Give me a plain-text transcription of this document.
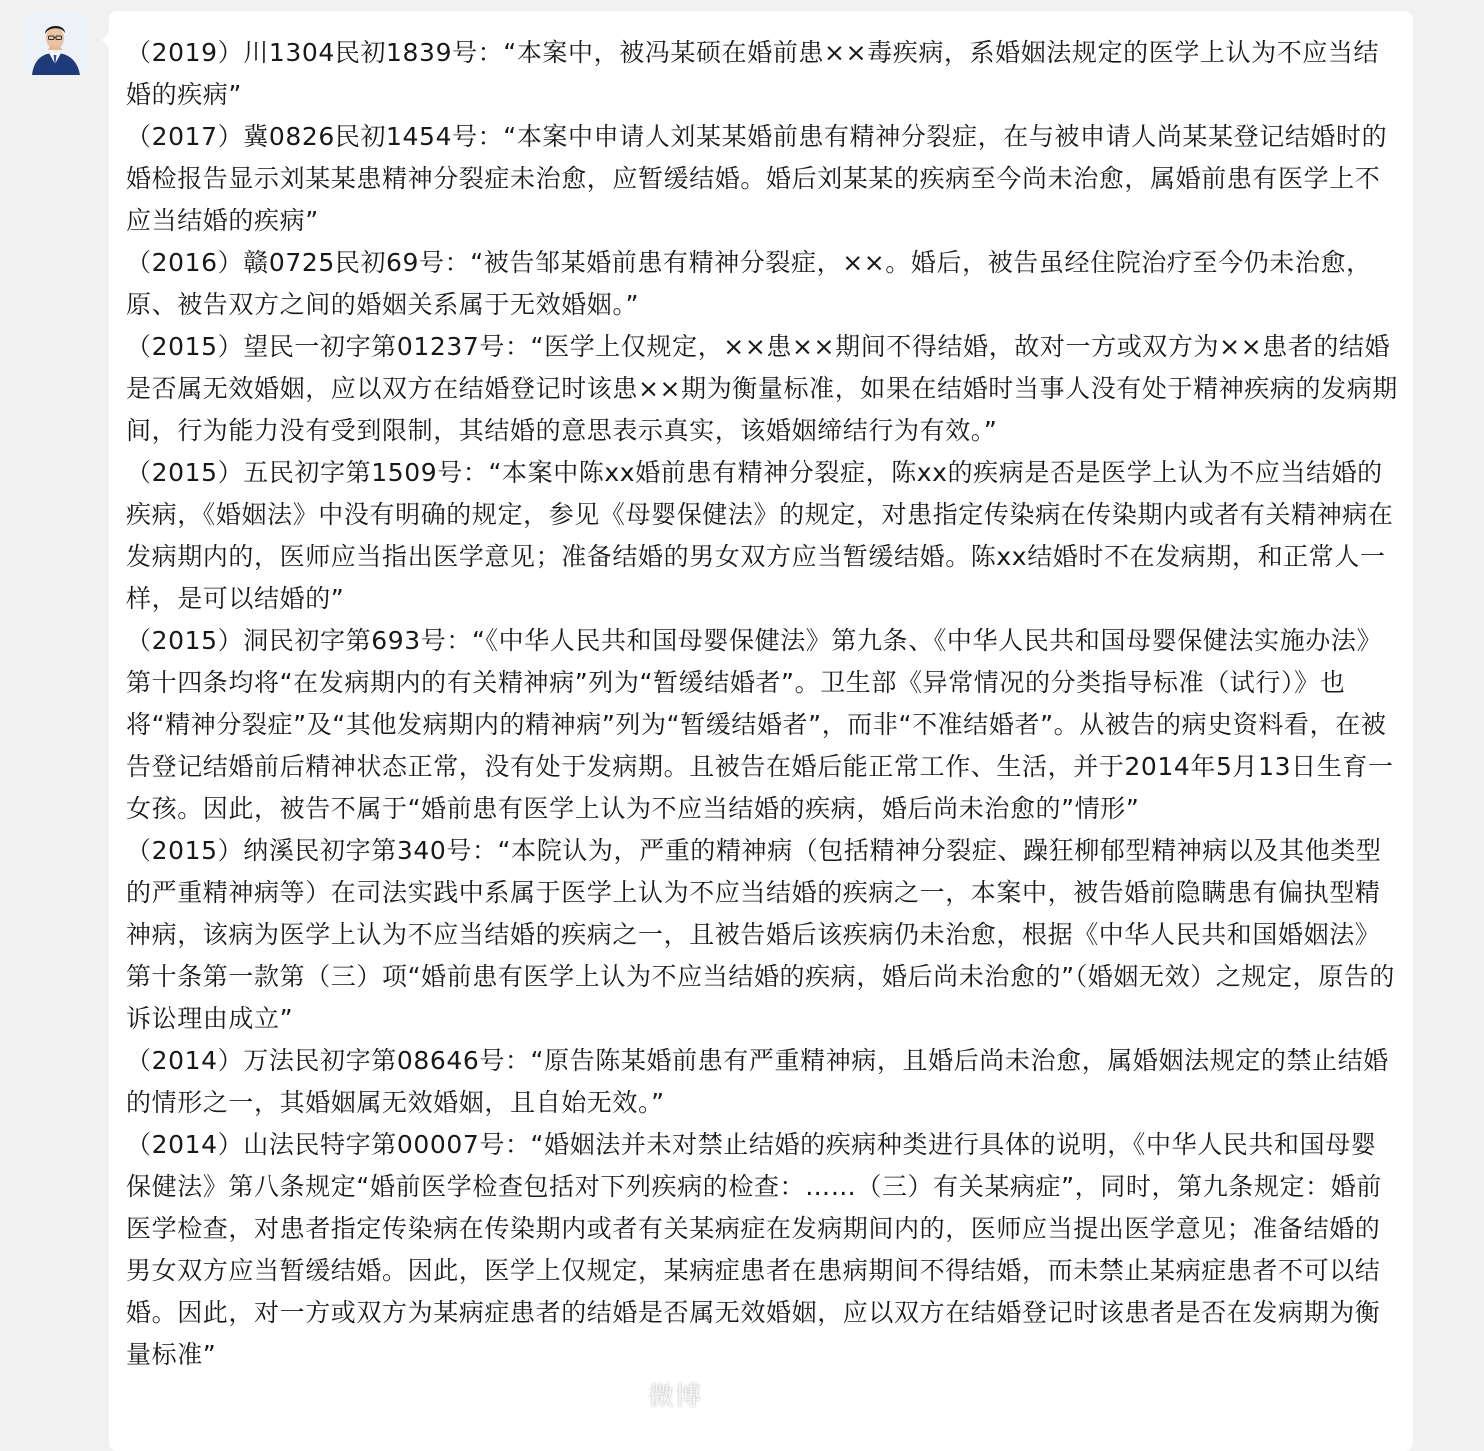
（2019）川1304民初1839号：“本案中，被冯某硕在婚前患××毒疾病，系婚姻法规定的医学上认为不应当结婚的疾病”

（2017）冀0826民初1454号：“本案中申请人刘某某婚前患有精神分裂症，在与被申请人尚某某登记结婚时的婚检报告显示刘某某患精神分裂症未治愈，应暂缓结婚。婚后刘某某的疾病至今尚未治愈，属婚前患有医学上不应当结婚的疾病”

（2016）赣0725民初69号：“被告邹某婚前患有精神分裂症，××。婚后，被告虽经住院治疗至今仍未治愈，原、被告双方之间的婚姻关系属于无效婚姻。”

（2015）望民一初字第01237号：“医学上仅规定，××患××期间不得结婚，故对一方或双方为××患者的结婚是否属无效婚姻，应以双方在结婚登记时该患××期为衡量标准，如果在结婚时当事人没有处于精神疾病的发病期间，行为能力没有受到限制，其结婚的意思表示真实，该婚姻缔结行为有效。”

（2015）五民初字第1509号：“本案中陈xx婚前患有精神分裂症，陈xx的疾病是否是医学上认为不应当结婚的疾病，《婚姻法》中没有明确的规定，参见《母婴保健法》的规定，对患指定传染病在传染期内或者有关精神病在发病期内的，医师应当指出医学意见；准备结婚的男女双方应当暂缓结婚。陈xx结婚时不在发病期，和正常人一样，是可以结婚的”

（2015）洞民初字第693号：“《中华人民共和国母婴保健法》第九条、《中华人民共和国母婴保健法实施办法》第十四条均将“在发病期内的有关精神病”列为“暂缓结婚者”。卫生部《异常情况的分类指导标准（试行）》也将“精神分裂症”及“其他发病期内的精神病”列为“暂缓结婚者”，而非“不准结婚者”。从被告的病史资料看，在被告登记结婚前后精神状态正常，没有处于发病期。且被告在婚后能正常工作、生活，并于2014年5月13日生育一女孩。因此，被告不属于“婚前患有医学上认为不应当结婚的疾病，婚后尚未治愈的”情形”

（2015）纳溪民初字第340号：“本院认为，严重的精神病（包括精神分裂症、躁狂柳郁型精神病以及其他类型的严重精神病等）在司法实践中系属于医学上认为不应当结婚的疾病之一，本案中，被告婚前隐瞒患有偏执型精神病，该病为医学上认为不应当结婚的疾病之一，且被告婚后该疾病仍未治愈，根据《中华人民共和国婚姻法》第十条第一款第（三）项“婚前患有医学上认为不应当结婚的疾病，婚后尚未治愈的”（婚姻无效）之规定，原告的诉讼理由成立”

（2014）万法民初字第08646号：“原告陈某婚前患有严重精神病，且婚后尚未治愈，属婚姻法规定的禁止结婚的情形之一，其婚姻属无效婚姻，且自始无效。”

（2014）山法民特字第00007号：“婚姻法并未对禁止结婚的疾病种类进行具体的说明，《中华人民共和国母婴保健法》第八条规定“婚前医学检查包括对下列疾病的检查：……（三）有关某病症”，同时，第九条规定：婚前医学检查，对患者指定传染病在传染期内或者有关某病症在发病期间内的，医师应当提出医学意见；准备结婚的男女双方应当暂缓结婚。因此，医学上仅规定，某病症患者在患病期间不得结婚，而未禁止某病症患者不可以结婚。因此，对一方或双方为某病症患者的结婚是否属无效婚姻，应以双方在结婚登记时该患者是否在发病期为衡量标准”

微博
